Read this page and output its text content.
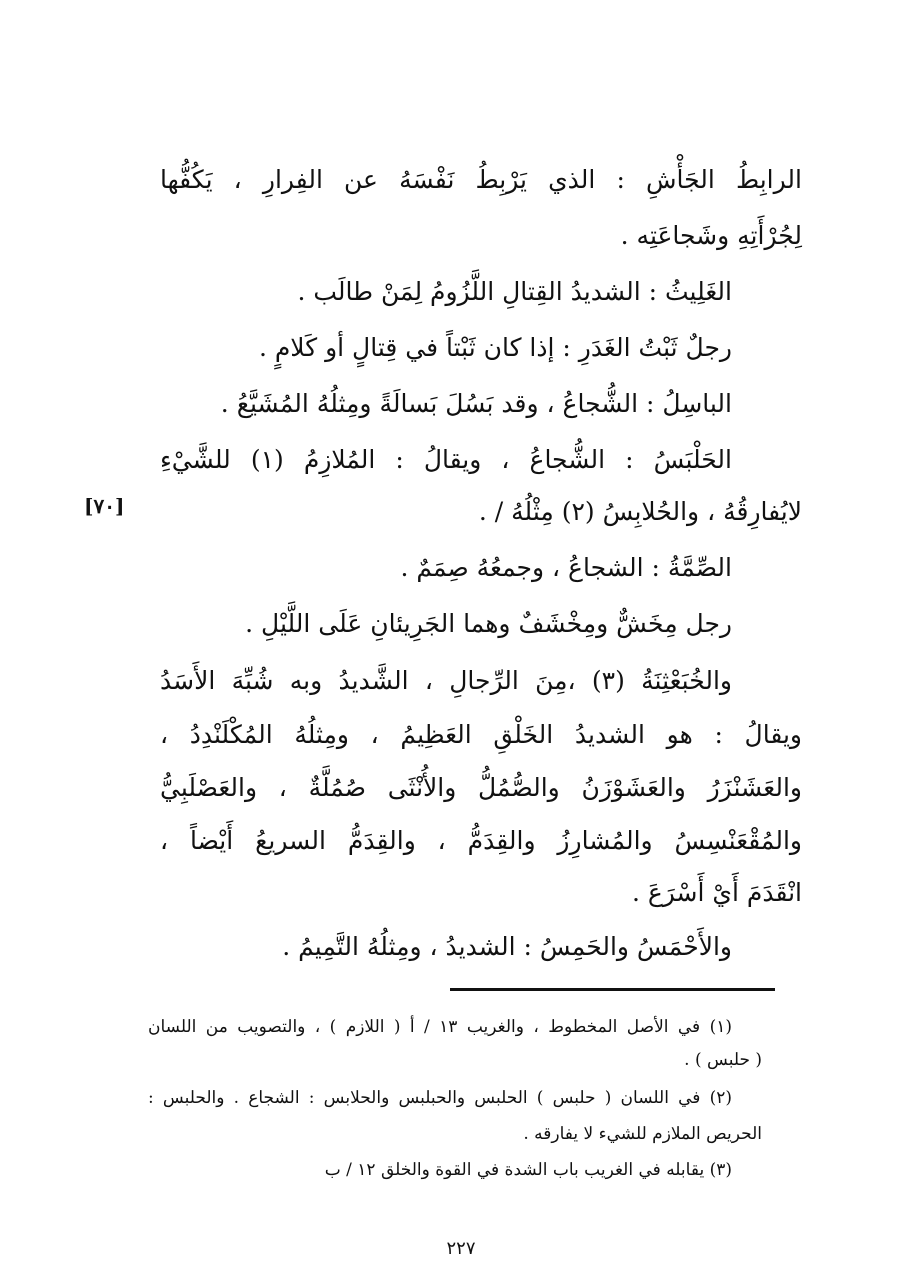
الرابِطُ الجَأْشِ : الذي يَرْبِطُ نَفْسَهُ عن الفِرارِ ، يَكُفُّها
لِجُرْأَتِهِ وشَجاعَتِه .
الغَلِيثُ : الشديدُ القِتالِ اللَّزُومُ لِمَنْ طالَب .
رجلٌ ثَبْتُ الغَدَرِ : إذا كان ثَبْتاً في قِتالٍ أو كَلامٍ .
الباسِلُ : الشُّجاعُ ، وقد بَسُلَ بَسالَةً ومِثلُهُ المُشَيَّعُ .
الحَلْبَسُ : الشُّجاعُ ، ويقالُ : المُلازِمُ (١) للشَّيْءِ
لايُفارِقُهُ ، والحُلابِسُ (٢) مِثْلُهُ / .
الصِّمَّةُ : الشجاعُ ، وجمعُهُ صِمَمٌ .
رجل مِخَشٌّ ومِخْشَفٌ وهما الجَرِيئانِ عَلَى اللَّيْلِ .
والخُبَعْثِنَةُ (٣) ،مِنَ الرِّجالِ ، الشَّديدُ وبه شُبِّهَ الأَسَدُ
ويقالُ : هو الشديدُ الخَلْقِ العَظِيمُ ، ومِثلُهُ المُكْلَنْدِدُ ،
والعَشَنْزَرُ والعَشَوْزَنُ والصُّمُلُّ والأُنْثَى صُمُلَّةٌ ، والعَصْلَبِيُّ
والمُقْعَنْسِسُ والمُشارِزُ والقِدَمُّ ، والقِدَمُّ السريعُ أَيْضاً ،
انْقَدَمَ أَيْ أَسْرَعَ .
والأَحْمَسُ والحَمِسُ : الشديدُ ، ومِثلُهُ التَّمِيمُ .
[٧٠]
(١) في الأصل المخطوط ، والغريب ١٣ / أ ( اللازم ) ، والتصويب من اللسان
( حلبس ) .
(٢) في اللسان ( حلبس ) الحلبس والحبلبس والحلابس : الشجاع . والحلبس :
الحريص الملازم للشيء لا يفارقه .
(٣) يقابله في الغريب باب الشدة في القوة والخلق ١٢ / ب
٢٢٧
